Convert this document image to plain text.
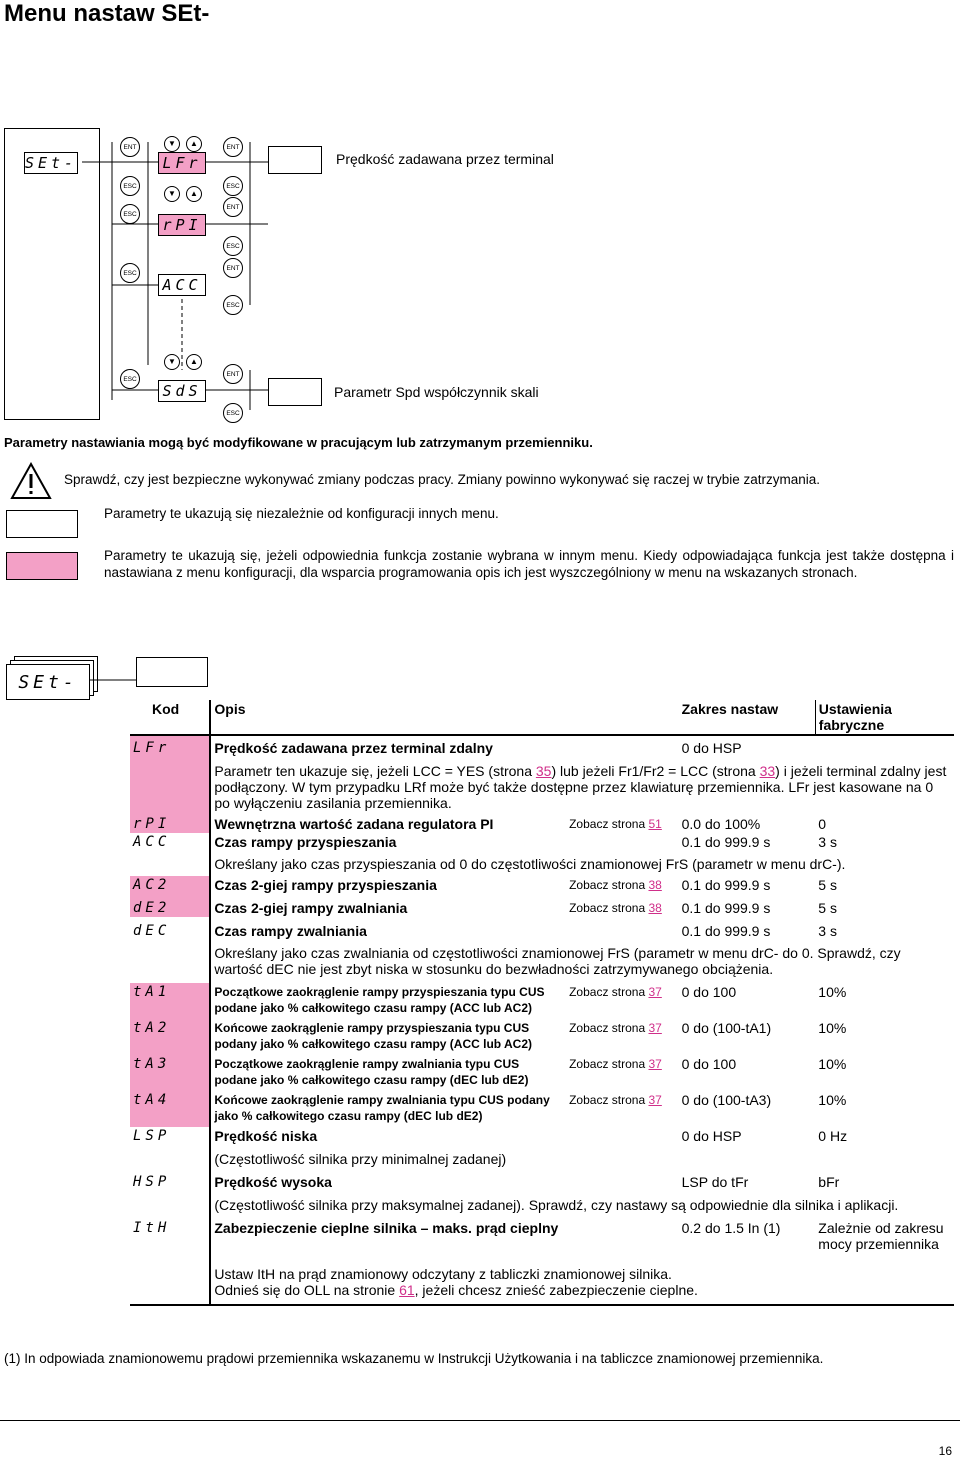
Menu nastaw SEt-
SEt-	LFr
rPI
ACC
SdS
ENT
ESC
ESC
ESC
ESC
▼	▲
▼	▲
▼	▲
ENT
ESC
ENT
ESC
ENT
ESC
ENT
ESC
Prędkość zadawana przez terminal
Parametr Spd współczynnik skali
Parametry nastawiania mogą być modyfikowane w pracującym lub zatrzymanym przemienniku.
Sprawdź, czy jest bezpieczne wykonywać zmiany podczas pracy. Zmiany powinno wykonywać się raczej w trybie zatrzymania.
Parametry te ukazują się niezależnie od konfiguracji innych menu.
Parametry te ukazują się, jeżeli odpowiednia funkcja zostanie wybrana w innym menu. Kiedy odpowiadająca funkcja jest także dostępna i nastawiana z menu konfiguracji, dla wsparcia programowania opis ich jest wyszczególniony w menu na wskazanych stronach.
SEt-
Kod	Opis		Zakres nastaw	Ustawienia fabryczne
LFr	Prędkość zadawana przez terminal zdalny		0 do HSP	
	Parametr ten ukazuje się, jeżeli LCC = YES (strona 35) lub jeżeli Fr1/Fr2 = LCC (strona 33) i jeżeli terminal zdalny jest podłączony. W tym przypadku LRf może być także dostępne przez klawiaturę przemiennika. LFr jest kasowane na 0 po wyłączeniu zasilania przemiennika.			
rPI	Wewnętrzna wartość zadana regulatora PI	Zobacz strona 51	0.0 do 100%	0
ACC	Czas rampy przyspieszania		0.1 do 999.9 s	3 s
	Określany jako czas przyspieszania od 0 do częstotliwości znamionowej FrS (parametr w menu drC-).			
AC2	Czas 2-giej rampy przyspieszania	Zobacz strona 38	0.1 do 999.9 s	5 s
dE2	Czas 2-giej rampy zwalniania	Zobacz strona 38	0.1 do 999.9 s	5 s
dEC	Czas rampy zwalniania		0.1 do 999.9 s	3 s
	Określany jako czas zwalniania od częstotliwości znamionowej FrS (parametr w menu drC- do 0. Sprawdź, czy wartość dEC nie jest zbyt niska w stosunku do bezwładności zatrzymywanego obciążenia.			
tA1	Początkowe zaokrąglenie rampy przyspieszania typu CUS podane jako % całkowitego czasu rampy (ACC lub AC2)	Zobacz strona 37	0 do 100	10%
tA2	Końcowe zaokrąglenie rampy przyspieszania typu CUS podany jako % całkowitego czasu rampy (ACC lub AC2)	Zobacz strona 37	0 do (100-tA1)	10%
tA3	Początkowe zaokrąglenie rampy zwalniania typu CUS podane jako % całkowitego czasu rampy (dEC lub dE2)	Zobacz strona 37	0 do 100	10%
tA4	Końcowe zaokrąglenie rampy zwalniania typu CUS podany jako % całkowitego czasu rampy (dEC lub dE2)	Zobacz strona 37	0 do (100-tA3)	10%
LSP	Prędkość niska		0 do HSP	0 Hz
	(Częstotliwość silnika przy minimalnej zadanej)			
HSP	Prędkość wysoka		LSP do tFr	bFr
	(Częstotliwość silnika przy maksymalnej zadanej). Sprawdź, czy nastawy są odpowiednie dla silnika i aplikacji.			
ItH	Zabezpieczenie cieplne silnika – maks. prąd cieplny		0.2 do 1.5 In (1)	Zależnie od zakresu mocy przemiennika
	Ustaw ItH na prąd znamionowy odczytany z tabliczki znamionowej silnika.
Odnieś się do OLL na stronie 61, jeżeli chcesz znieść zabezpieczenie cieplne.			
(1) In odpowiada znamionowemu prądowi przemiennika wskazanemu w Instrukcji Użytkowania i na tabliczce znamionowej przemiennika.
16
